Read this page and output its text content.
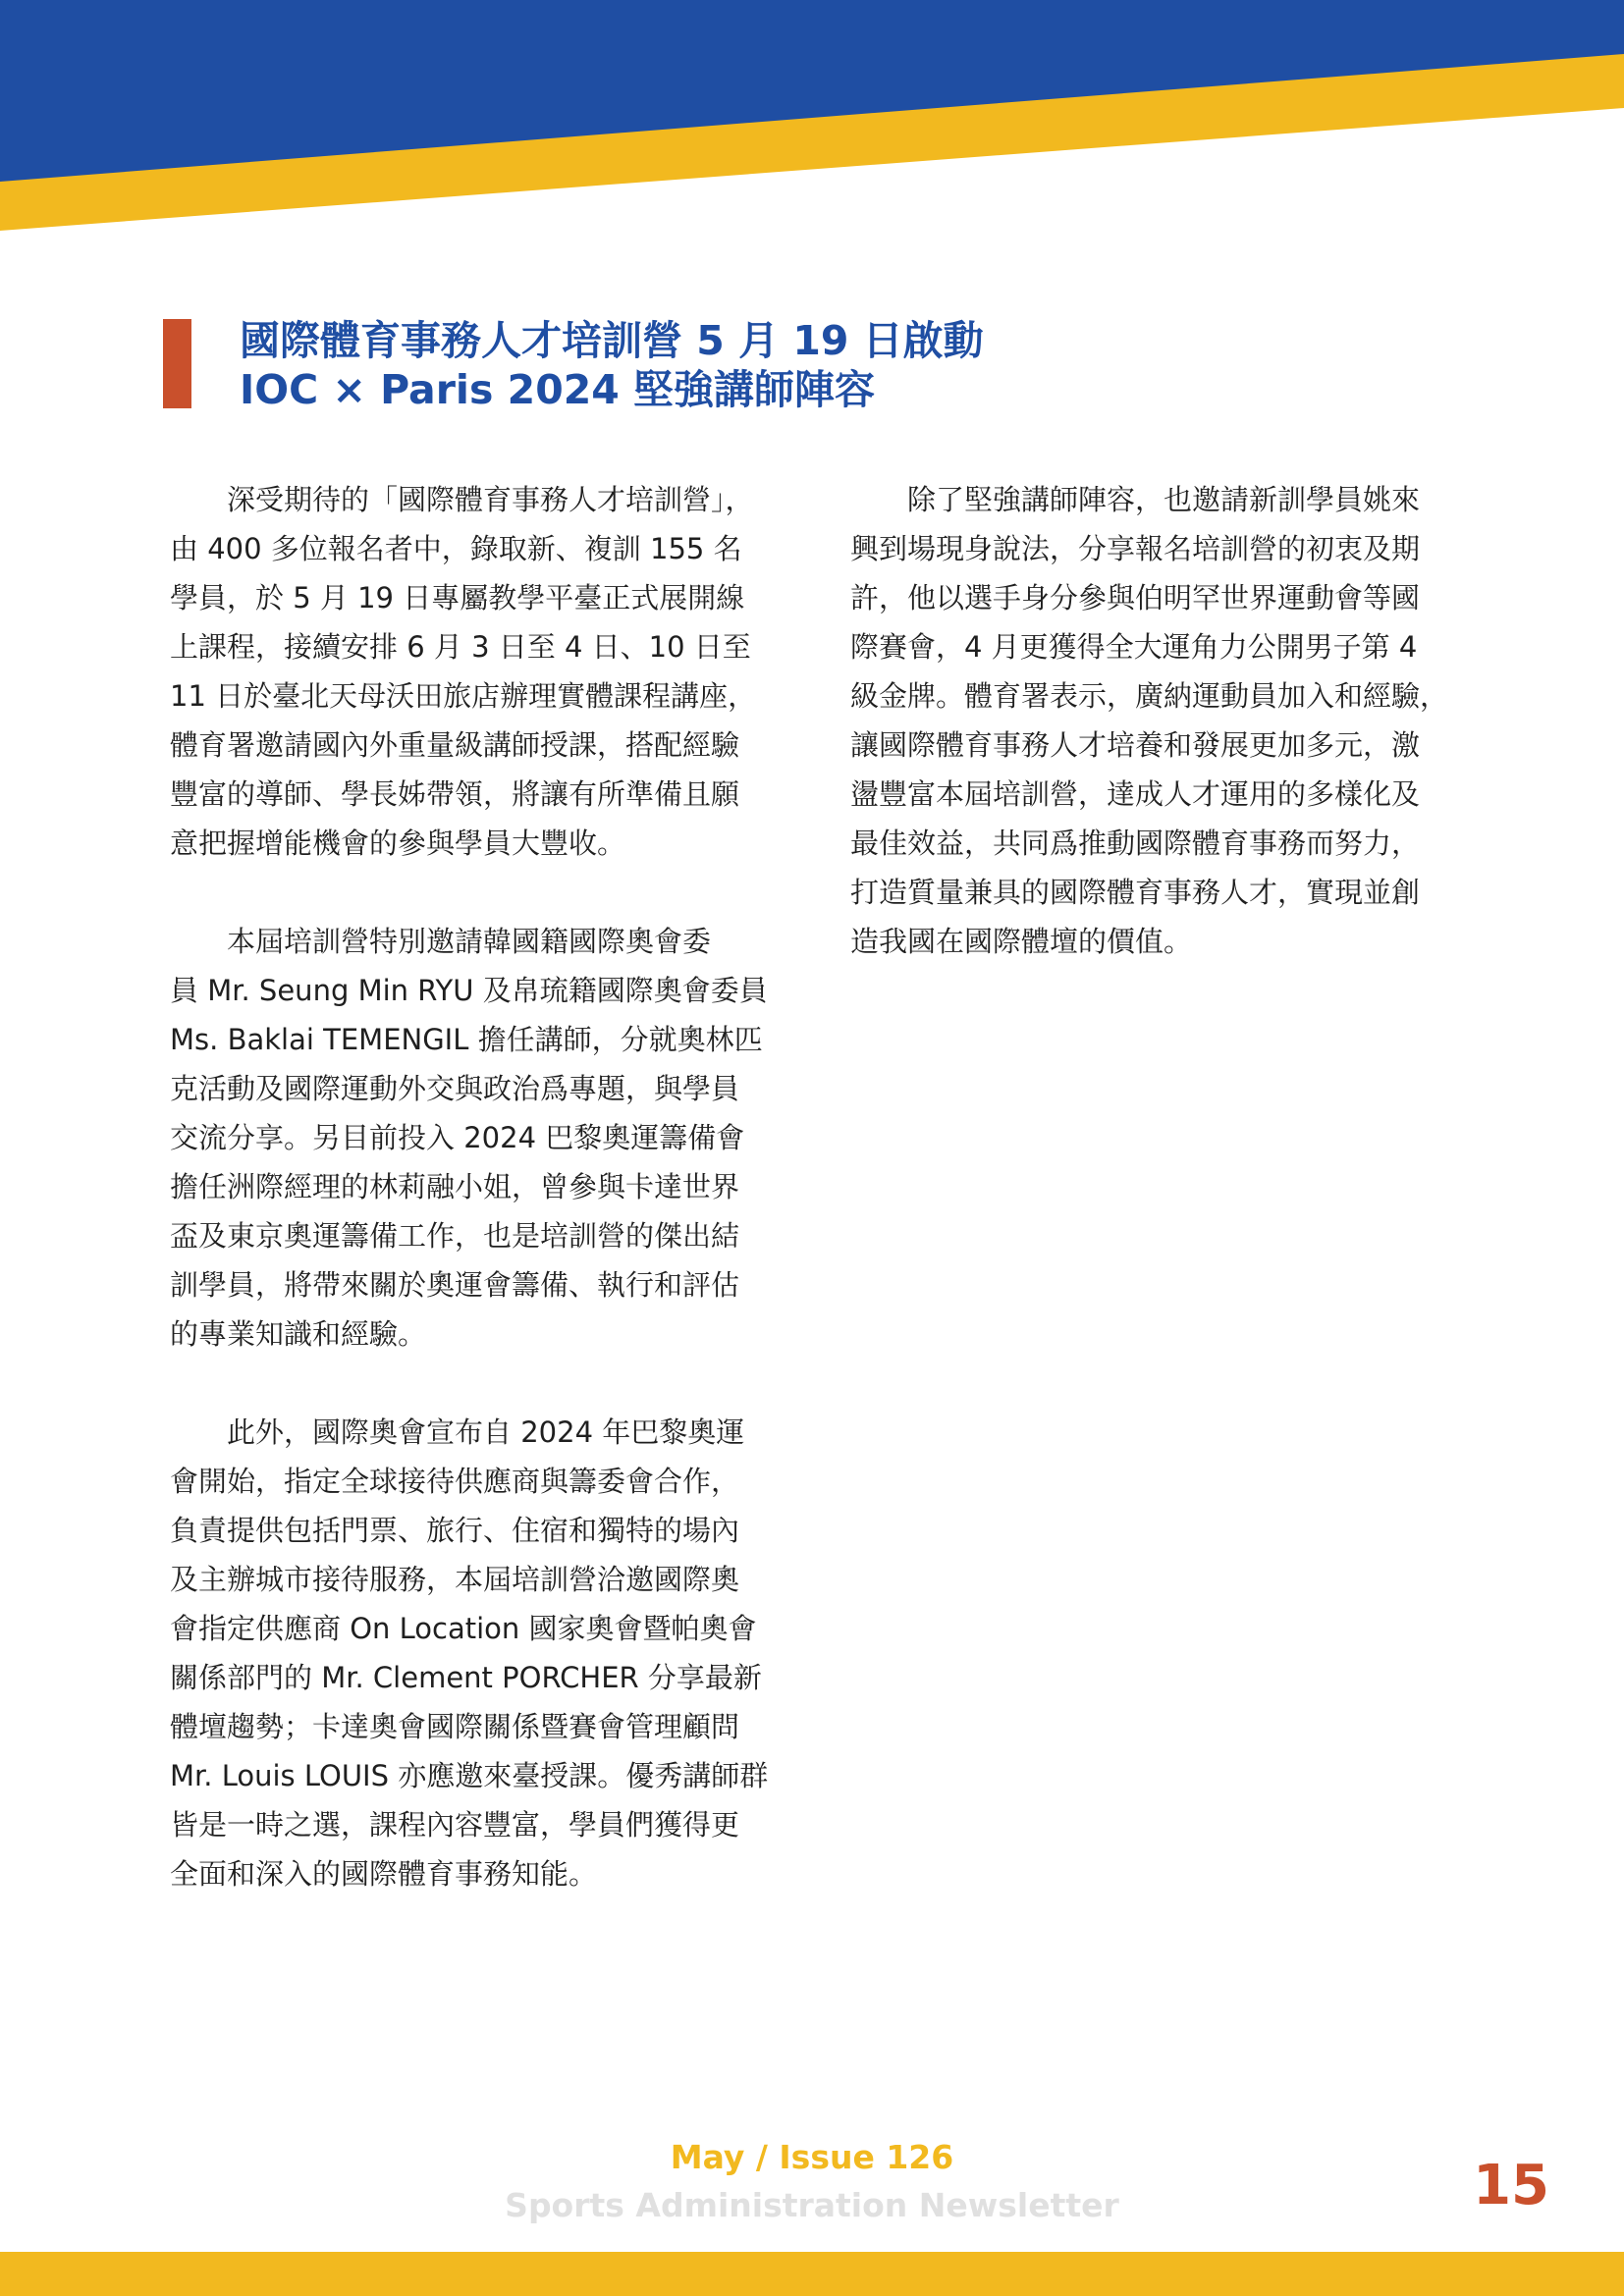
國際體育事務人才培訓營 5 月 19 日啟動
IOC × Paris 2024 堅強講師陣容
　　深受期待的「國際體育事務人才培訓營」，
由 400 多位報名者中，錄取新、複訓 155 名
學員，於 5 月 19 日專屬教學平臺正式展開線
上課程，接續安排 6 月 3 日至 4 日、10 日至
11 日於臺北天母沃田旅店辦理實體課程講座，
體育署邀請國內外重量級講師授課，搭配經驗
豐富的導師、學長姊帶領，將讓有所準備且願
意把握增能機會的參與學員大豐收。
　　本屆培訓營特別邀請韓國籍國際奧會委
員 Mr. Seung Min RYU 及帛琉籍國際奧會委員
Ms. Baklai TEMENGIL 擔任講師，分就奧林匹
克活動及國際運動外交與政治爲專題，與學員
交流分享。另目前投入 2024 巴黎奧運籌備會
擔任洲際經理的林莉融小姐，曾參與卡達世界
盃及東京奧運籌備工作，也是培訓營的傑出結
訓學員，將帶來關於奧運會籌備、執行和評估
的專業知識和經驗。
　　此外，國際奧會宣布自 2024 年巴黎奧運
會開始，指定全球接待供應商與籌委會合作，
負責提供包括門票、旅行、住宿和獨特的場內
及主辦城市接待服務，本屆培訓營洽邀國際奧
會指定供應商 On Location 國家奧會暨帕奧會
關係部門的 Mr. Clement PORCHER 分享最新
體壇趨勢；卡達奧會國際關係暨賽會管理顧問
Mr. Louis LOUIS 亦應邀來臺授課。優秀講師群
皆是一時之選，課程內容豐富，學員們獲得更
全面和深入的國際體育事務知能。
　　除了堅強講師陣容，也邀請新訓學員姚來
興到場現身說法，分享報名培訓營的初衷及期
許，他以選手身分參與伯明罕世界運動會等國
際賽會，4 月更獲得全大運角力公開男子第 4
級金牌。體育署表示，廣納運動員加入和經驗，
讓國際體育事務人才培養和發展更加多元，激
盪豐富本屆培訓營，達成人才運用的多樣化及
最佳效益，共同爲推動國際體育事務而努力，
打造質量兼具的國際體育事務人才，實現並創
造我國在國際體壇的價值。
May / Issue 126
Sports Administration Newsletter	15
